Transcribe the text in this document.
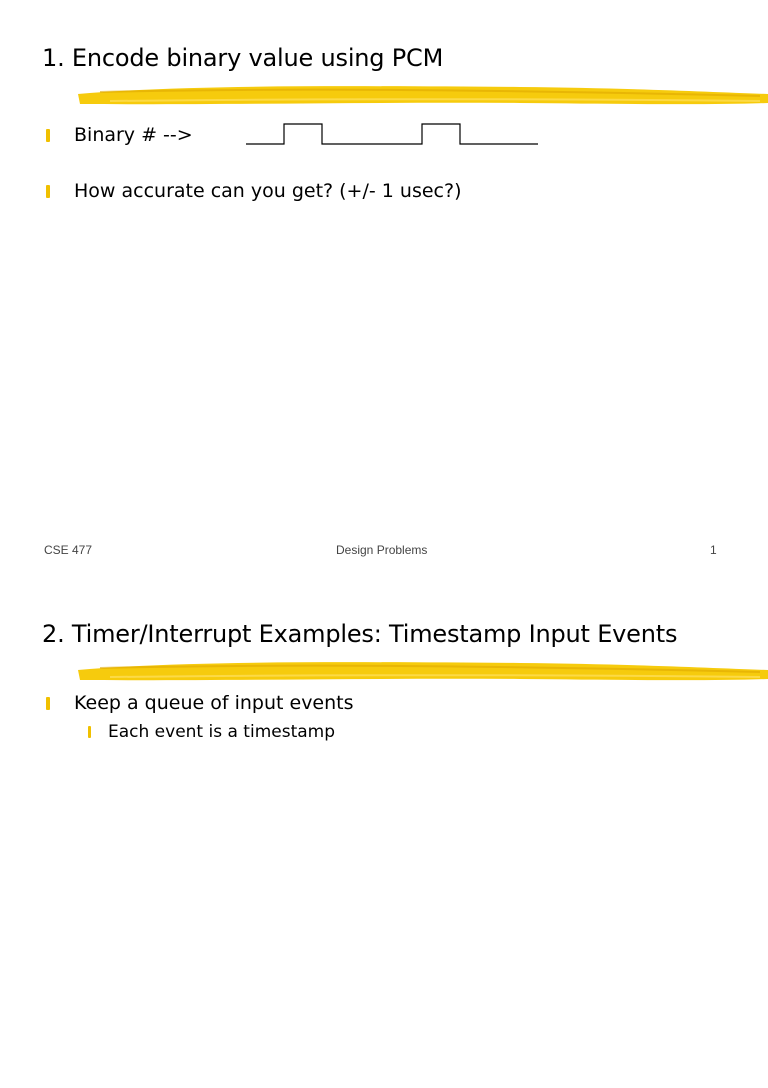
1. Encode binary value using PCM
Binary # -->
How accurate can you get? (+/- 1 usec?)
CSE 477	Design Problems	1
2. Timer/Interrupt Examples: Timestamp Input Events
Keep a queue of input events
Each event is a timestamp
